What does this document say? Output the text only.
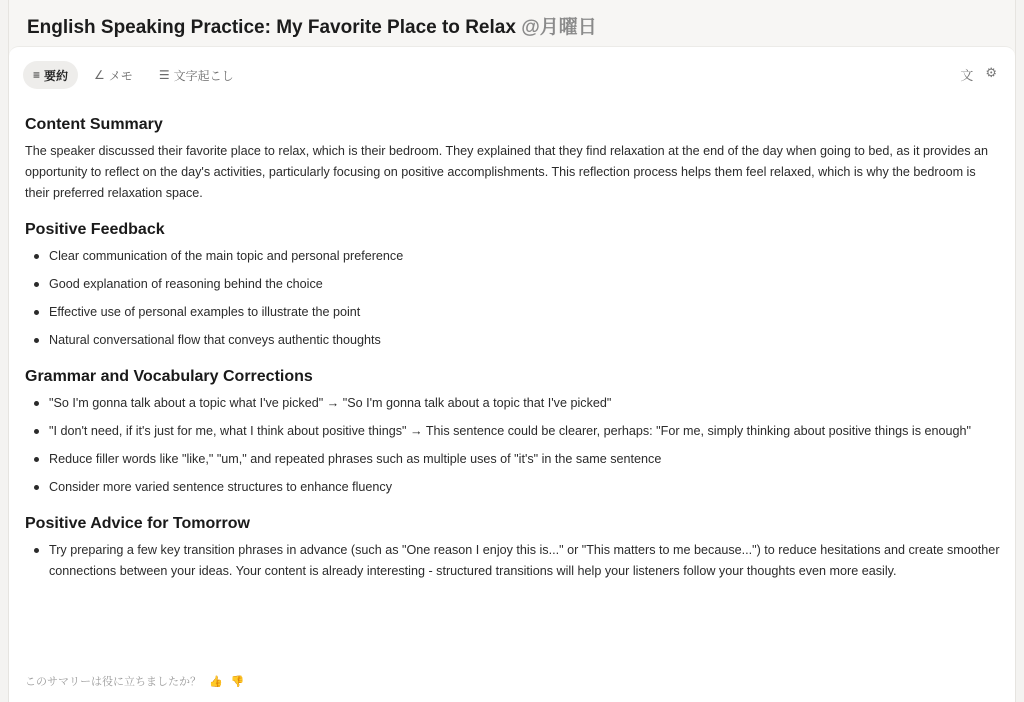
English Speaking Practice: My Favorite Place to Relax @月曜日
≡ 要約 ∠ メモ ☰ 文字起こし	文 ⚙
Content Summary

The speaker discussed their favorite place to relax, which is their bedroom. They explained that they find relaxation at the end of the day when going to bed, as it provides an opportunity to reflect on the day's activities, particularly focusing on positive accomplishments. This reflection process helps them feel relaxed, which is why the bedroom is their preferred relaxation space.

Positive Feedback
Clear communication of the main topic and personal preference
Good explanation of reasoning behind the choice
Effective use of personal examples to illustrate the point
Natural conversational flow that conveys authentic thoughts
Grammar and Vocabulary Corrections
"So I'm gonna talk about a topic what I've picked" → "So I'm gonna talk about a topic that I've picked"
"I don't need, if it's just for me, what I think about positive things" → This sentence could be clearer, perhaps: "For me, simply thinking about positive things is enough"
Reduce filler words like "like," "um," and repeated phrases such as multiple uses of "it's" in the same sentence
Consider more varied sentence structures to enhance fluency
Positive Advice for Tomorrow
Try preparing a few key transition phrases in advance (such as "One reason I enjoy this is..." or "This matters to me because...") to reduce hesitations and create smoother connections between your ideas. Your content is already interesting - structured transitions will help your listeners follow your thoughts even more easily.
このサマリーは役に立ちましたか？ 👍 👎
